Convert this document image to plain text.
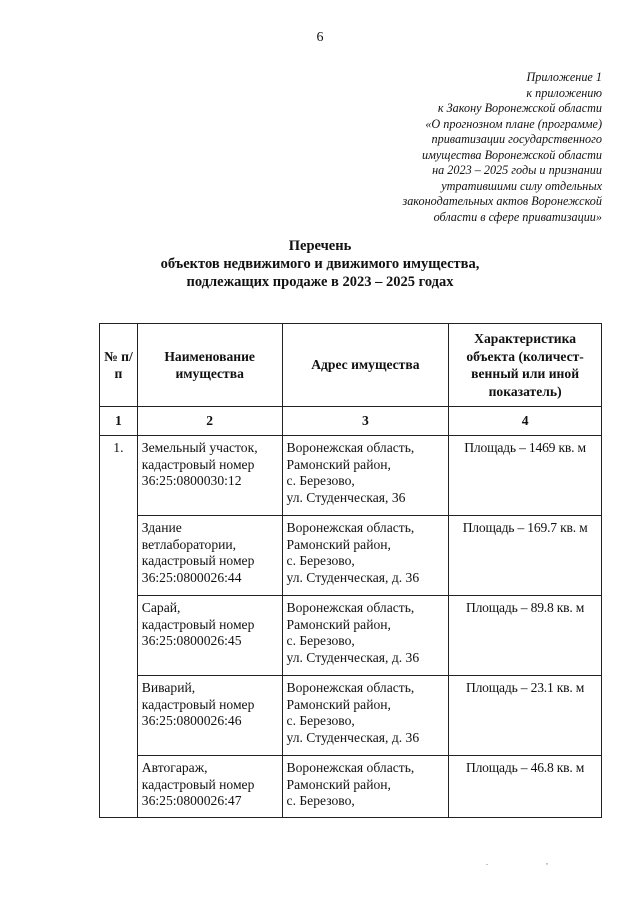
6
Приложение 1
к приложению
к Закону Воронежской области
«О прогнозном плане (программе)
приватизации государственного
имущества Воронежской области
на 2023 – 2025 годы и признании
утратившими силу отдельных
законодательных актов Воронежской
области в сфере приватизации»
Перечень
объектов недвижимого и движимого имущества,
подлежащих продаже в 2023 – 2025 годах
№ п/п	Наименование имущества	Адрес имущества	Характеристика объекта (количест-венный или иной показатель)
1	2	3	4
1.	Земельный участок,
кадастровый номер
36:25:0800030:12	Воронежская область,
Рамонский район,
с. Березово,
ул. Студенческая, 36	Площадь – 1469 кв. м

	Здание
ветлаборатории,
кадастровый номер
36:25:0800026:44	Воронежская область,
Рамонский район,
с. Березово,
ул. Студенческая, д. 36	Площадь – 169.7 кв. м

	Сарай,
кадастровый номер
36:25:0800026:45	Воронежская область,
Рамонский район,
с. Березово,
ул. Студенческая, д. 36	Площадь – 89.8 кв. м

	Виварий,
кадастровый номер
36:25:0800026:46	Воронежская область,
Рамонский район,
с. Березово,
ул. Студенческая, д. 36	Площадь – 23.1 кв. м

	Автогараж,
кадастровый номер
36:25:0800026:47	Воронежская область,
Рамонский район,
с. Березово,	Площадь – 46.8 кв. м
.	,
